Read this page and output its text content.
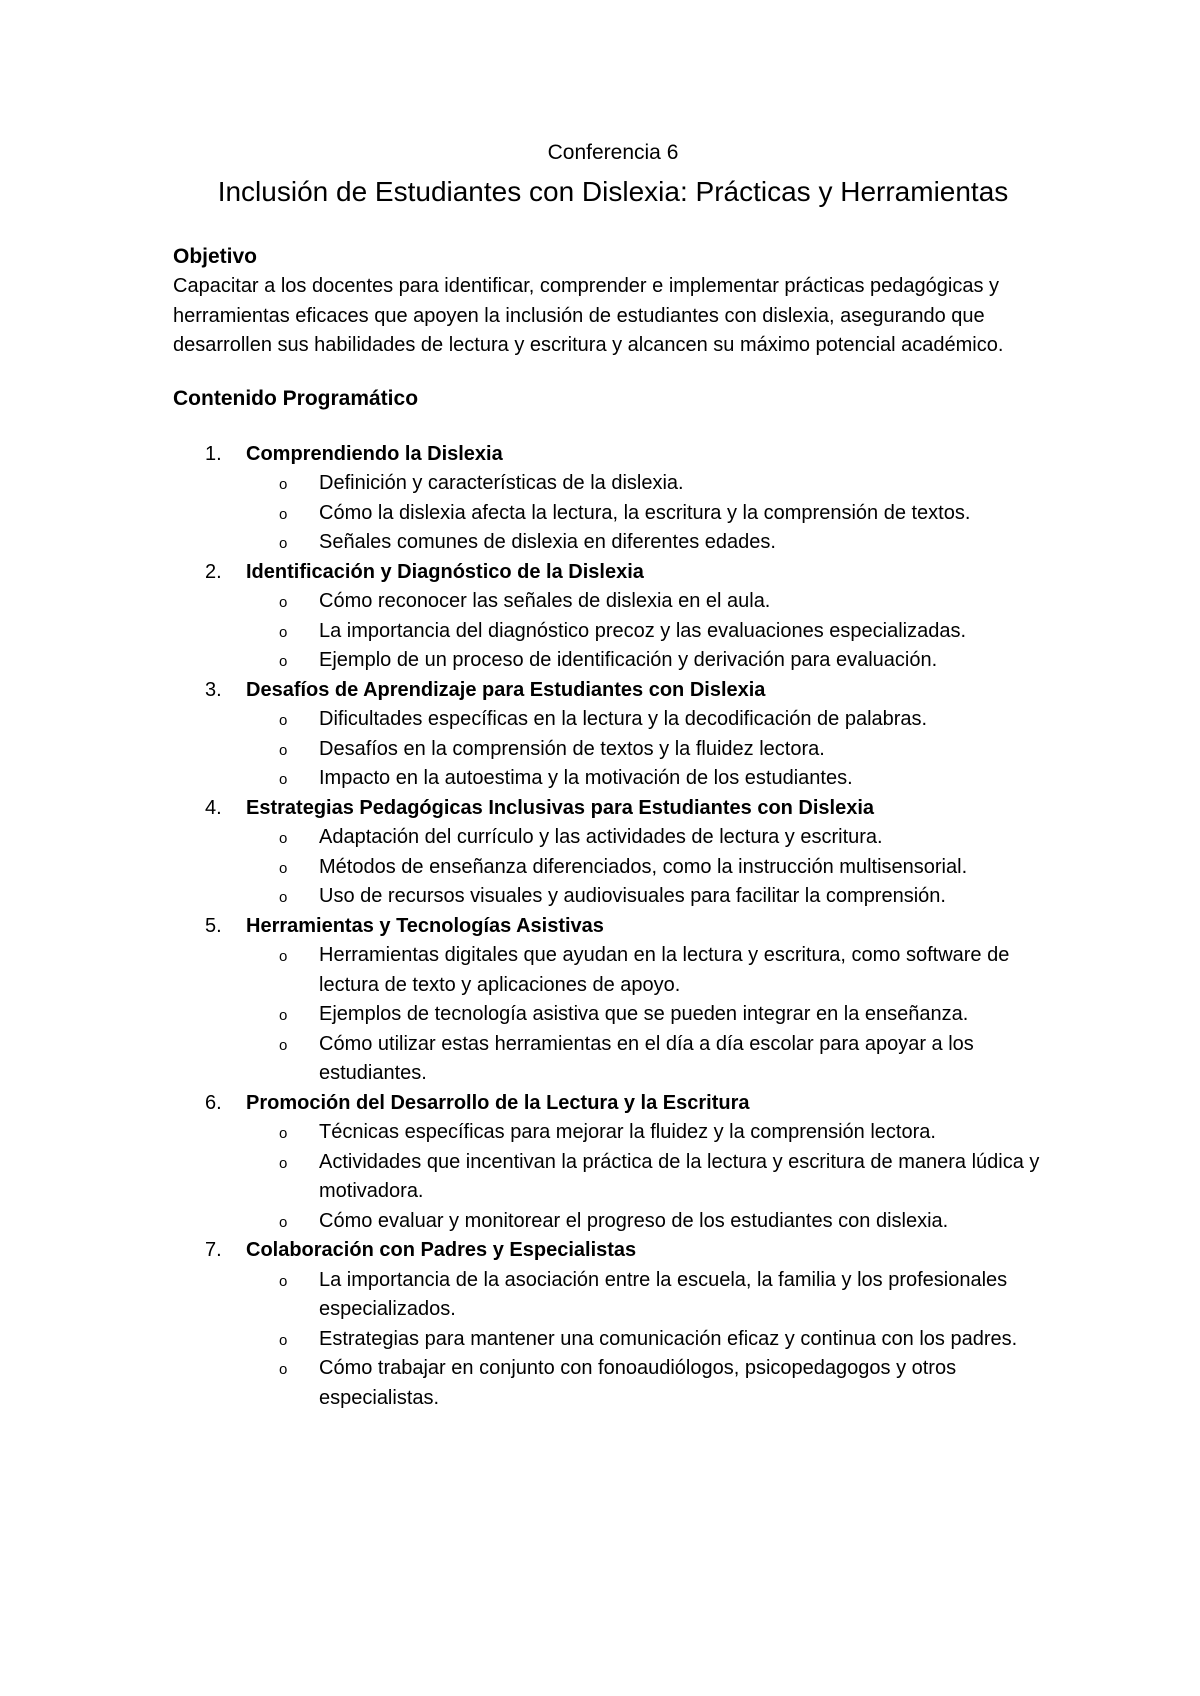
Conferencia 6
Inclusión de Estudiantes con Dislexia: Prácticas y Herramientas
Objetivo

Capacitar a los docentes para identificar, comprender e implementar prácticas pedagógicas y herramientas eficaces que apoyen la inclusión de estudiantes con dislexia, asegurando que desarrollen sus habilidades de lectura y escritura y alcancen su máximo potencial académico.

Contenido Programático
1. Comprendiendo la Dislexia
o Definición y características de la dislexia.
o Cómo la dislexia afecta la lectura, la escritura y la comprensión de textos.
o Señales comunes de dislexia en diferentes edades.
2. Identificación y Diagnóstico de la Dislexia
o Cómo reconocer las señales de dislexia en el aula.
o La importancia del diagnóstico precoz y las evaluaciones especializadas.
o Ejemplo de un proceso de identificación y derivación para evaluación.
3. Desafíos de Aprendizaje para Estudiantes con Dislexia
o Dificultades específicas en la lectura y la decodificación de palabras.
o Desafíos en la comprensión de textos y la fluidez lectora.
o Impacto en la autoestima y la motivación de los estudiantes.
4. Estrategias Pedagógicas Inclusivas para Estudiantes con Dislexia
o Adaptación del currículo y las actividades de lectura y escritura.
o Métodos de enseñanza diferenciados, como la instrucción multisensorial.
o Uso de recursos visuales y audiovisuales para facilitar la comprensión.
5. Herramientas y Tecnologías Asistivas
o Herramientas digitales que ayudan en la lectura y escritura, como software de lectura de texto y aplicaciones de apoyo.
o Ejemplos de tecnología asistiva que se pueden integrar en la enseñanza.
o Cómo utilizar estas herramientas en el día a día escolar para apoyar a los estudiantes.
6. Promoción del Desarrollo de la Lectura y la Escritura
o Técnicas específicas para mejorar la fluidez y la comprensión lectora.
o Actividades que incentivan la práctica de la lectura y escritura de manera lúdica y motivadora.
o Cómo evaluar y monitorear el progreso de los estudiantes con dislexia.
7. Colaboración con Padres y Especialistas
o La importancia de la asociación entre la escuela, la familia y los profesionales especializados.
o Estrategias para mantener una comunicación eficaz y continua con los padres.
o Cómo trabajar en conjunto con fonoaudiólogos, psicopedagogos y otros especialistas.
